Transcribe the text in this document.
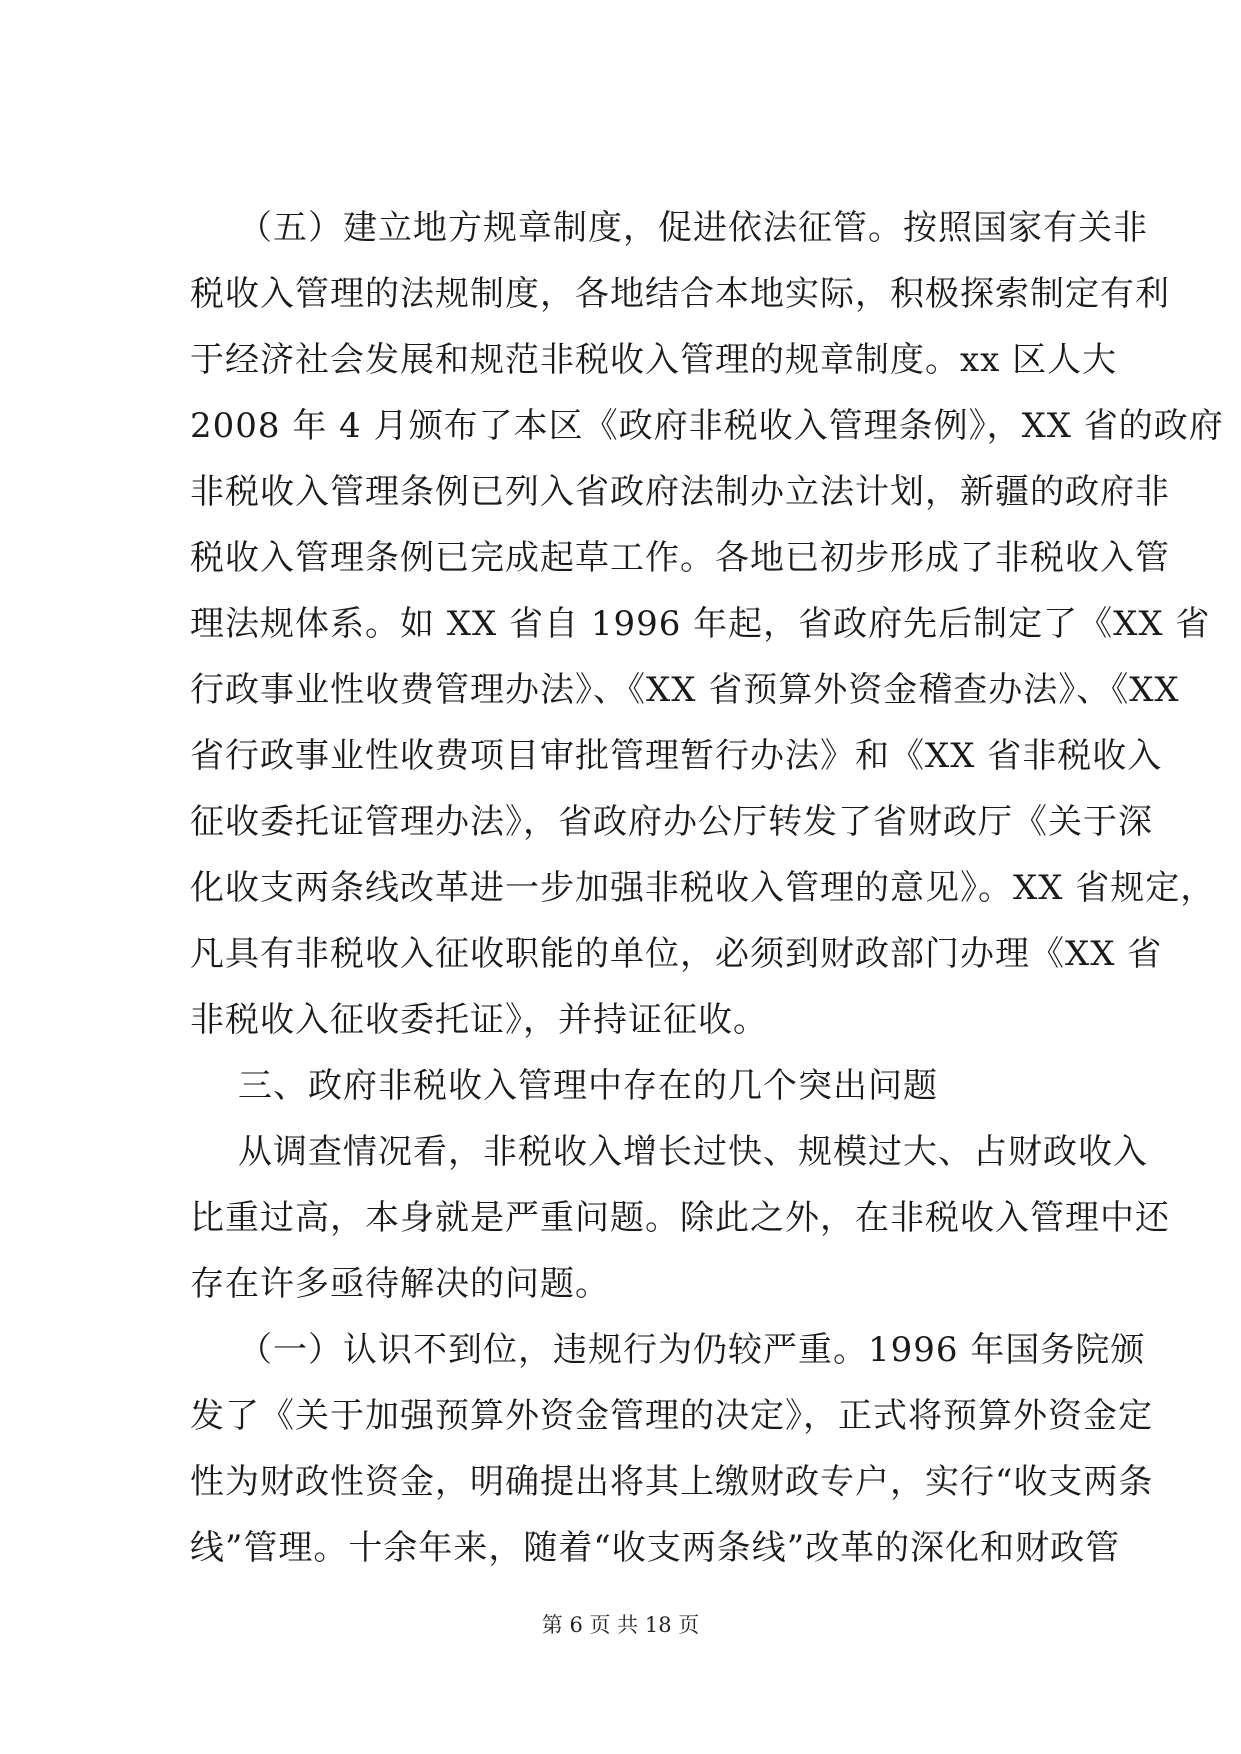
（五）建立地方规章制度，促进依法征管。按照国家有关非
税收入管理的法规制度，各地结合本地实际，积极探索制定有利
于经济社会发展和规范非税收入管理的规章制度。xx 区人大
2008 年 4 月颁布了本区《政府非税收入管理条例》，XX 省的政府
非税收入管理条例已列入省政府法制办立法计划，新疆的政府非
税收入管理条例已完成起草工作。各地已初步形成了非税收入管
理法规体系。如 XX 省自 1996 年起，省政府先后制定了《XX 省
行政事业性收费管理办法》、《XX 省预算外资金稽查办法》、《XX
省行政事业性收费项目审批管理暂行办法》和《XX 省非税收入
征收委托证管理办法》，省政府办公厅转发了省财政厅《关于深
化收支两条线改革进一步加强非税收入管理的意见》。XX 省规定，
凡具有非税收入征收职能的单位，必须到财政部门办理《XX 省
非税收入征收委托证》，并持证征收。
三、政府非税收入管理中存在的几个突出问题
从调查情况看，非税收入增长过快、规模过大、占财政收入
比重过高，本身就是严重问题。除此之外，在非税收入管理中还
存在许多亟待解决的问题。
（一）认识不到位，违规行为仍较严重。1996 年国务院颁
发了《关于加强预算外资金管理的决定》，正式将预算外资金定
性为财政性资金，明确提出将其上缴财政专户，实行“收支两条
线”管理。十余年来，随着“收支两条线”改革的深化和财政管
第 6 页 共 18 页
